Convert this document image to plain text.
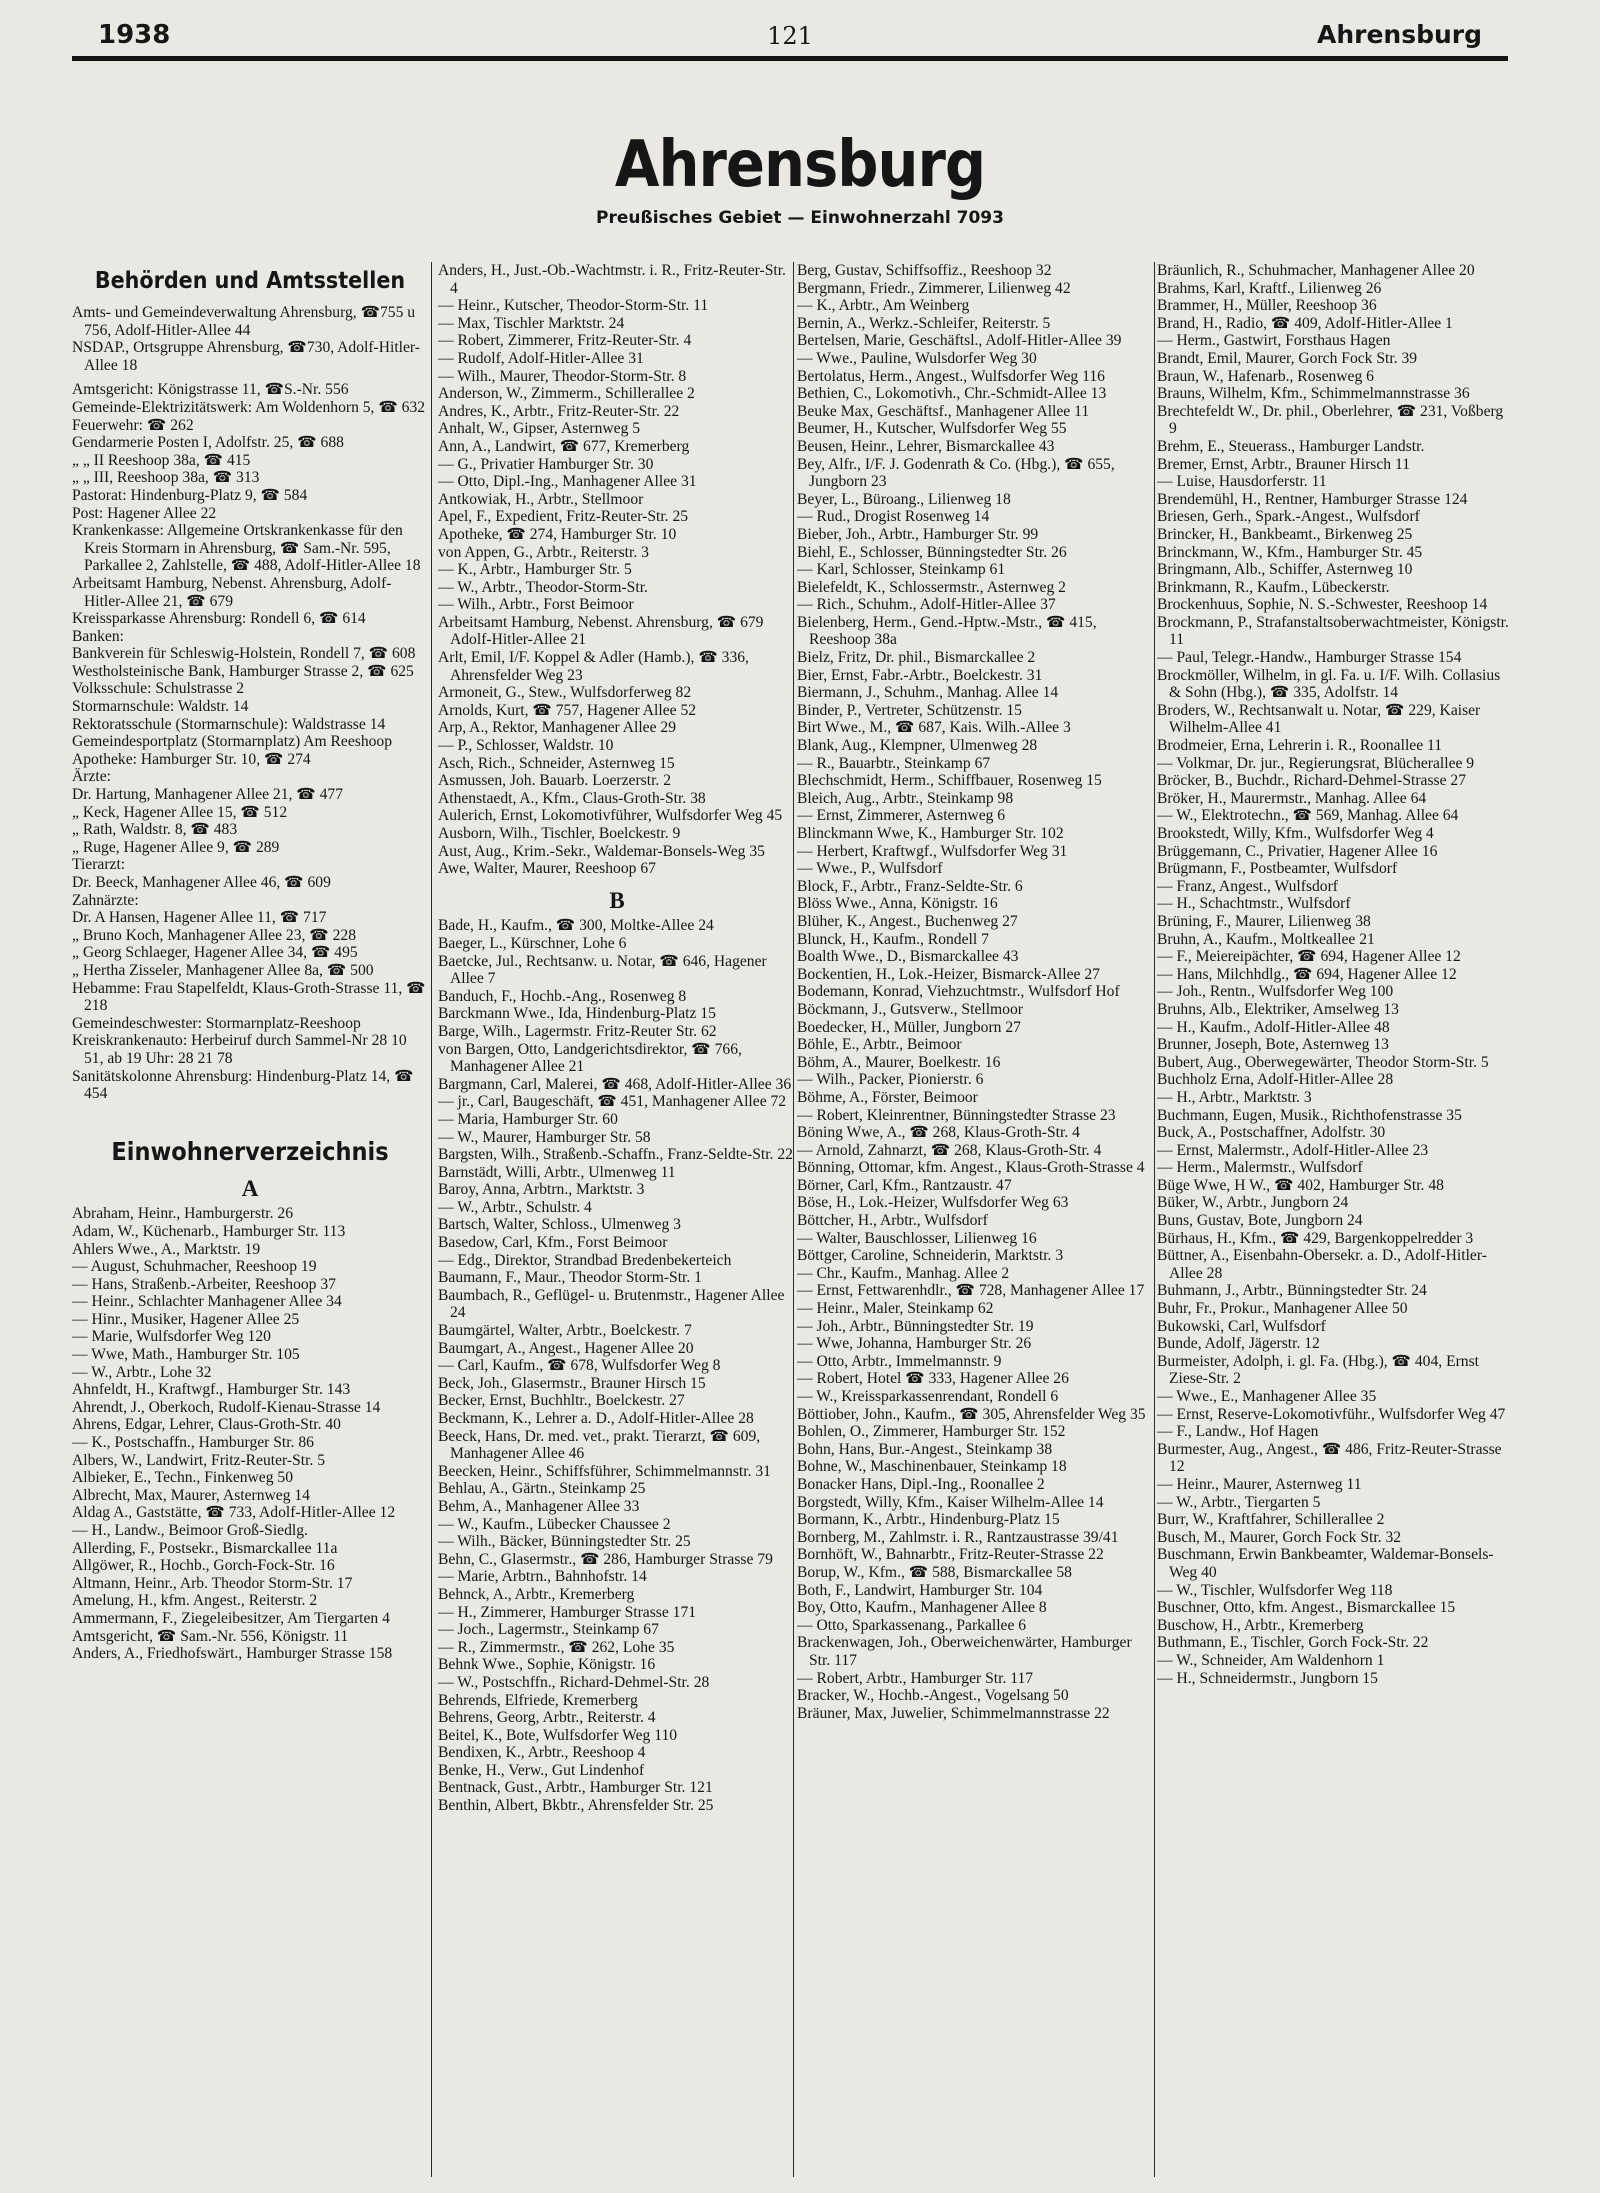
1938	121	Ahrensburg
Ahrensburg
Preußisches Gebiet — Einwohnerzahl 7093
Behörden und Amtsstellen

Amts- und Gemeindeverwaltung Ahrensburg, ☎755 u 756, Adolf-Hitler-Allee 44

NSDAP., Ortsgruppe Ahrensburg, ☎730, Adolf-Hitler-Allee 18

Amtsgericht: Königstrasse 11, ☎S.-Nr. 556

Gemeinde-Elektrizitätswerk: Am Woldenhorn 5, ☎ 632

Feuerwehr: ☎ 262

Gendarmerie Posten I, Adolfstr. 25, ☎ 688

„ „ II Reeshoop 38a, ☎ 415

„ „ III, Reeshoop 38a, ☎ 313

Pastorat: Hindenburg-Platz 9, ☎ 584

Post: Hagener Allee 22

Krankenkasse: Allgemeine Ortskrankenkasse für den Kreis Stormarn in Ahrensburg, ☎ Sam.-Nr. 595, Parkallee 2, Zahlstelle, ☎ 488, Adolf-Hitler-Allee 18

Arbeitsamt Hamburg, Nebenst. Ahrensburg, Adolf-Hitler-Allee 21, ☎ 679

Kreissparkasse Ahrensburg: Rondell 6, ☎ 614

Banken:

Bankverein für Schleswig-Holstein, Rondell 7, ☎ 608

Westholsteinische Bank, Hamburger Strasse 2, ☎ 625

Volksschule: Schulstrasse 2

Stormarnschule: Waldstr. 14

Rektoratsschule (Stormarnschule): Waldstrasse 14

Gemeindesportplatz (Stormarnplatz) Am Reeshoop

Apotheke: Hamburger Str. 10, ☎ 274

Ärzte:

Dr. Hartung, Manhagener Allee 21, ☎ 477

„ Keck, Hagener Allee 15, ☎ 512

„ Rath, Waldstr. 8, ☎ 483

„ Ruge, Hagener Allee 9, ☎ 289

Tierarzt:

Dr. Beeck, Manhagener Allee 46, ☎ 609

Zahnärzte:

Dr. A Hansen, Hagener Allee 11, ☎ 717

„ Bruno Koch, Manhagener Allee 23, ☎ 228

„ Georg Schlaeger, Hagener Allee 34, ☎ 495

„ Hertha Zisseler, Manhagener Allee 8a, ☎ 500

Hebamme: Frau Stapelfeldt, Klaus-Groth-Strasse 11, ☎ 218

Gemeindeschwester: Stormarnplatz-Reeshoop

Kreiskrankenauto: Herbeiruf durch Sammel-Nr 28 10 51, ab 19 Uhr: 28 21 78

Sanitätskolonne Ahrensburg: Hindenburg-Platz 14, ☎ 454

Einwohnerverzeichnis

A

Abraham, Heinr., Hamburgerstr. 26

Adam, W., Küchenarb., Hamburger Str. 113

Ahlers Wwe., A., Marktstr. 19

— August, Schuhmacher, Reeshoop 19

— Hans, Straßenb.-Arbeiter, Reeshoop 37

— Heinr., Schlachter Manhagener Allee 34

— Hinr., Musiker, Hagener Allee 25

— Marie, Wulfsdorfer Weg 120

— Wwe, Math., Hamburger Str. 105

— W., Arbtr., Lohe 32

Ahnfeldt, H., Kraftwgf., Hamburger Str. 143

Ahrendt, J., Oberkoch, Rudolf-Kienau-Strasse 14

Ahrens, Edgar, Lehrer, Claus-Groth-Str. 40

— K., Postschaffn., Hamburger Str. 86

Albers, W., Landwirt, Fritz-Reuter-Str. 5

Albieker, E., Techn., Finkenweg 50

Albrecht, Max, Maurer, Asternweg 14

Aldag A., Gaststätte, ☎ 733, Adolf-Hitler-Allee 12

— H., Landw., Beimoor Groß-Siedlg.

Allerding, F., Postsekr., Bismarckallee 11a

Allgöwer, R., Hochb., Gorch-Fock-Str. 16

Altmann, Heinr., Arb. Theodor Storm-Str. 17

Amelung, H., kfm. Angest., Reiterstr. 2

Ammermann, F., Ziegeleibesitzer, Am Tiergarten 4

Amtsgericht, ☎ Sam.-Nr. 556, Königstr. 11

Anders, A., Friedhofswärt., Hamburger Strasse 158

Anders, H., Just.-Ob.-Wachtmstr. i. R., Fritz-Reuter-Str. 4

— Heinr., Kutscher, Theodor-Storm-Str. 11

— Max, Tischler Marktstr. 24

— Robert, Zimmerer, Fritz-Reuter-Str. 4

— Rudolf, Adolf-Hitler-Allee 31

— Wilh., Maurer, Theodor-Storm-Str. 8

Anderson, W., Zimmerm., Schillerallee 2

Andres, K., Arbtr., Fritz-Reuter-Str. 22

Anhalt, W., Gipser, Asternweg 5

Ann, A., Landwirt, ☎ 677, Kremerberg

— G., Privatier Hamburger Str. 30

— Otto, Dipl.-Ing., Manhagener Allee 31

Antkowiak, H., Arbtr., Stellmoor

Apel, F., Expedient, Fritz-Reuter-Str. 25

Apotheke, ☎ 274, Hamburger Str. 10

von Appen, G., Arbtr., Reiterstr. 3

— K., Arbtr., Hamburger Str. 5

— W., Arbtr., Theodor-Storm-Str.

— Wilh., Arbtr., Forst Beimoor

Arbeitsamt Hamburg, Nebenst. Ahrensburg, ☎ 679 Adolf-Hitler-Allee 21

Arlt, Emil, I/F. Koppel & Adler (Hamb.), ☎ 336, Ahrensfelder Weg 23

Armoneit, G., Stew., Wulfsdorferweg 82

Arnolds, Kurt, ☎ 757, Hagener Allee 52

Arp, A., Rektor, Manhagener Allee 29

— P., Schlosser, Waldstr. 10

Asch, Rich., Schneider, Asternweg 15

Asmussen, Joh. Bauarb. Loerzerstr. 2

Athenstaedt, A., Kfm., Claus-Groth-Str. 38

Aulerich, Ernst, Lokomotivführer, Wulfsdorfer Weg 45

Ausborn, Wilh., Tischler, Boelckestr. 9

Aust, Aug., Krim.-Sekr., Waldemar-Bonsels-Weg 35

Awe, Walter, Maurer, Reeshoop 67

B

Bade, H., Kaufm., ☎ 300, Moltke-Allee 24

Baeger, L., Kürschner, Lohe 6

Baetcke, Jul., Rechtsanw. u. Notar, ☎ 646, Hagener Allee 7

Banduch, F., Hochb.-Ang., Rosenweg 8

Barckmann Wwe., Ida, Hindenburg-Platz 15

Barge, Wilh., Lagermstr. Fritz-Reuter Str. 62

von Bargen, Otto, Landgerichtsdirektor, ☎ 766, Manhagener Allee 21

Bargmann, Carl, Malerei, ☎ 468, Adolf-Hitler-Allee 36

— jr., Carl, Baugeschäft, ☎ 451, Manhagener Allee 72

— Maria, Hamburger Str. 60

— W., Maurer, Hamburger Str. 58

Bargsten, Wilh., Straßenb.-Schaffn., Franz-Seldte-Str. 22

Barnstädt, Willi, Arbtr., Ulmenweg 11

Baroy, Anna, Arbtrn., Marktstr. 3

— W., Arbtr., Schulstr. 4

Bartsch, Walter, Schloss., Ulmenweg 3

Basedow, Carl, Kfm., Forst Beimoor

— Edg., Direktor, Strandbad Bredenbekerteich

Baumann, F., Maur., Theodor Storm-Str. 1

Baumbach, R., Geflügel- u. Brutenmstr., Hagener Allee 24

Baumgärtel, Walter, Arbtr., Boelckestr. 7

Baumgart, A., Angest., Hagener Allee 20

— Carl, Kaufm., ☎ 678, Wulfsdorfer Weg 8

Beck, Joh., Glasermstr., Brauner Hirsch 15

Becker, Ernst, Buchhltr., Boelckestr. 27

Beckmann, K., Lehrer a. D., Adolf-Hitler-Allee 28

Beeck, Hans, Dr. med. vet., prakt. Tierarzt, ☎ 609, Manhagener Allee 46

Beecken, Heinr., Schiffsführer, Schimmelmannstr. 31

Behlau, A., Gärtn., Steinkamp 25

Behm, A., Manhagener Allee 33

— W., Kaufm., Lübecker Chaussee 2

— Wilh., Bäcker, Bünningstedter Str. 25

Behn, C., Glasermstr., ☎ 286, Hamburger Strasse 79

— Marie, Arbtrn., Bahnhofstr. 14

Behnck, A., Arbtr., Kremerberg

— H., Zimmerer, Hamburger Strasse 171

— Joch., Lagermstr., Steinkamp 67

— R., Zimmermstr., ☎ 262, Lohe 35

Behnk Wwe., Sophie, Königstr. 16

— W., Postschffn., Richard-Dehmel-Str. 28

Behrends, Elfriede, Kremerberg

Behrens, Georg, Arbtr., Reiterstr. 4

Beitel, K., Bote, Wulfsdorfer Weg 110

Bendixen, K., Arbtr., Reeshoop 4

Benke, H., Verw., Gut Lindenhof

Bentnack, Gust., Arbtr., Hamburger Str. 121

Benthin, Albert, Bkbtr., Ahrensfelder Str. 25

Berg, Gustav, Schiffsoffiz., Reeshoop 32

Bergmann, Friedr., Zimmerer, Lilienweg 42

— K., Arbtr., Am Weinberg

Bernin, A., Werkz.-Schleifer, Reiterstr. 5

Bertelsen, Marie, Geschäftsl., Adolf-Hitler-Allee 39

— Wwe., Pauline, Wulsdorfer Weg 30

Bertolatus, Herm., Angest., Wulfsdorfer Weg 116

Bethien, C., Lokomotivh., Chr.-Schmidt-Allee 13

Beuke Max, Geschäftsf., Manhagener Allee 11

Beumer, H., Kutscher, Wulfsdorfer Weg 55

Beusen, Heinr., Lehrer, Bismarckallee 43

Bey, Alfr., I/F. J. Godenrath & Co. (Hbg.), ☎ 655, Jungborn 23

Beyer, L., Büroang., Lilienweg 18

— Rud., Drogist Rosenweg 14

Bieber, Joh., Arbtr., Hamburger Str. 99

Biehl, E., Schlosser, Bünningstedter Str. 26

— Karl, Schlosser, Steinkamp 61

Bielefeldt, K., Schlossermstr., Asternweg 2

— Rich., Schuhm., Adolf-Hitler-Allee 37

Bielenberg, Herm., Gend.-Hptw.-Mstr., ☎ 415, Reeshoop 38a

Bielz, Fritz, Dr. phil., Bismarckallee 2

Bier, Ernst, Fabr.-Arbtr., Boelckestr. 31

Biermann, J., Schuhm., Manhag. Allee 14

Binder, P., Vertreter, Schützenstr. 15

Birt Wwe., M., ☎ 687, Kais. Wilh.-Allee 3

Blank, Aug., Klempner, Ulmenweg 28

— R., Bauarbtr., Steinkamp 67

Blechschmidt, Herm., Schiffbauer, Rosenweg 15

Bleich, Aug., Arbtr., Steinkamp 98

— Ernst, Zimmerer, Asternweg 6

Blinckmann Wwe, K., Hamburger Str. 102

— Herbert, Kraftwgf., Wulfsdorfer Weg 31

— Wwe., P., Wulfsdorf

Block, F., Arbtr., Franz-Seldte-Str. 6

Blöss Wwe., Anna, Königstr. 16

Blüher, K., Angest., Buchenweg 27

Blunck, H., Kaufm., Rondell 7

Boalth Wwe., D., Bismarckallee 43

Bockentien, H., Lok.-Heizer, Bismarck-Allee 27

Bodemann, Konrad, Viehzuchtmstr., Wulfsdorf Hof

Böckmann, J., Gutsverw., Stellmoor

Boedecker, H., Müller, Jungborn 27

Böhle, E., Arbtr., Beimoor

Böhm, A., Maurer, Boelkestr. 16

— Wilh., Packer, Pionierstr. 6

Böhme, A., Förster, Beimoor

— Robert, Kleinrentner, Bünningstedter Strasse 23

Böning Wwe, A., ☎ 268, Klaus-Groth-Str. 4

— Arnold, Zahnarzt, ☎ 268, Klaus-Groth-Str. 4

Bönning, Ottomar, kfm. Angest., Klaus-Groth-Strasse 4

Börner, Carl, Kfm., Rantzaustr. 47

Böse, H., Lok.-Heizer, Wulfsdorfer Weg 63

Böttcher, H., Arbtr., Wulfsdorf

— Walter, Bauschlosser, Lilienweg 16

Böttger, Caroline, Schneiderin, Marktstr. 3

— Chr., Kaufm., Manhag. Allee 2

— Ernst, Fettwarenhdlr., ☎ 728, Manhagener Allee 17

— Heinr., Maler, Steinkamp 62

— Joh., Arbtr., Bünningstedter Str. 19

— Wwe, Johanna, Hamburger Str. 26

— Otto, Arbtr., Immelmannstr. 9

— Robert, Hotel ☎ 333, Hagener Allee 26

— W., Kreissparkassenrendant, Rondell 6

Böttiober, John., Kaufm., ☎ 305, Ahrensfelder Weg 35

Bohlen, O., Zimmerer, Hamburger Str. 152

Bohn, Hans, Bur.-Angest., Steinkamp 38

Bohne, W., Maschinenbauer, Steinkamp 18

Bonacker Hans, Dipl.-Ing., Roonallee 2

Borgstedt, Willy, Kfm., Kaiser Wilhelm-Allee 14

Bormann, K., Arbtr., Hindenburg-Platz 15

Bornberg, M., Zahlmstr. i. R., Rantzaustrasse 39/41

Bornhöft, W., Bahnarbtr., Fritz-Reuter-Strasse 22

Borup, W., Kfm., ☎ 588, Bismarckallee 58

Both, F., Landwirt, Hamburger Str. 104

Boy, Otto, Kaufm., Manhagener Allee 8

— Otto, Sparkassenang., Parkallee 6

Brackenwagen, Joh., Oberweichenwärter, Hamburger Str. 117

— Robert, Arbtr., Hamburger Str. 117

Bracker, W., Hochb.-Angest., Vogelsang 50

Bräuner, Max, Juwelier, Schimmelmannstrasse 22

Bräunlich, R., Schuhmacher, Manhagener Allee 20

Brahms, Karl, Kraftf., Lilienweg 26

Brammer, H., Müller, Reeshoop 36

Brand, H., Radio, ☎ 409, Adolf-Hitler-Allee 1

— Herm., Gastwirt, Forsthaus Hagen

Brandt, Emil, Maurer, Gorch Fock Str. 39

Braun, W., Hafenarb., Rosenweg 6

Brauns, Wilhelm, Kfm., Schimmelmannstrasse 36

Brechtefeldt W., Dr. phil., Oberlehrer, ☎ 231, Voßberg 9

Brehm, E., Steuerass., Hamburger Landstr.

Bremer, Ernst, Arbtr., Brauner Hirsch 11

— Luise, Hausdorferstr. 11

Brendemühl, H., Rentner, Hamburger Strasse 124

Briesen, Gerh., Spark.-Angest., Wulfsdorf

Brincker, H., Bankbeamt., Birkenweg 25

Brinckmann, W., Kfm., Hamburger Str. 45

Bringmann, Alb., Schiffer, Asternweg 10

Brinkmann, R., Kaufm., Lübeckerstr.

Brockenhuus, Sophie, N. S.-Schwester, Reeshoop 14

Brockmann, P., Strafanstaltsoberwachtmeister, Königstr. 11

— Paul, Telegr.-Handw., Hamburger Strasse 154

Brockmöller, Wilhelm, in gl. Fa. u. I/F. Wilh. Collasius & Sohn (Hbg.), ☎ 335, Adolfstr. 14

Broders, W., Rechtsanwalt u. Notar, ☎ 229, Kaiser Wilhelm-Allee 41

Brodmeier, Erna, Lehrerin i. R., Roonallee 11

— Volkmar, Dr. jur., Regierungsrat, Blücherallee 9

Bröcker, B., Buchdr., Richard-Dehmel-Strasse 27

Bröker, H., Maurermstr., Manhag. Allee 64

— W., Elektrotechn., ☎ 569, Manhag. Allee 64

Brookstedt, Willy, Kfm., Wulfsdorfer Weg 4

Brüggemann, C., Privatier, Hagener Allee 16

Brügmann, F., Postbeamter, Wulfsdorf

— Franz, Angest., Wulfsdorf

— H., Schachtmstr., Wulfsdorf

Brüning, F., Maurer, Lilienweg 38

Bruhn, A., Kaufm., Moltkeallee 21

— F., Meiereipächter, ☎ 694, Hagener Allee 12

— Hans, Milchhdlg., ☎ 694, Hagener Allee 12

— Joh., Rentn., Wulfsdorfer Weg 100

Bruhns, Alb., Elektriker, Amselweg 13

— H., Kaufm., Adolf-Hitler-Allee 48

Brunner, Joseph, Bote, Asternweg 13

Bubert, Aug., Oberwegewärter, Theodor Storm-Str. 5

Buchholz Erna, Adolf-Hitler-Allee 28

— H., Arbtr., Marktstr. 3

Buchmann, Eugen, Musik., Richthofenstrasse 35

Buck, A., Postschaffner, Adolfstr. 30

— Ernst, Malermstr., Adolf-Hitler-Allee 23

— Herm., Malermstr., Wulfsdorf

Büge Wwe, H W., ☎ 402, Hamburger Str. 48

Büker, W., Arbtr., Jungborn 24

Buns, Gustav, Bote, Jungborn 24

Bürhaus, H., Kfm., ☎ 429, Bargenkoppelredder 3

Büttner, A., Eisenbahn-Obersekr. a. D., Adolf-Hitler-Allee 28

Buhmann, J., Arbtr., Bünningstedter Str. 24

Buhr, Fr., Prokur., Manhagener Allee 50

Bukowski, Carl, Wulfsdorf

Bunde, Adolf, Jägerstr. 12

Burmeister, Adolph, i. gl. Fa. (Hbg.), ☎ 404, Ernst Ziese-Str. 2

— Wwe., E., Manhagener Allee 35

— Ernst, Reserve-Lokomotivführ., Wulfsdorfer Weg 47

— F., Landw., Hof Hagen

Burmester, Aug., Angest., ☎ 486, Fritz-Reuter-Strasse 12

— Heinr., Maurer, Asternweg 11

— W., Arbtr., Tiergarten 5

Burr, W., Kraftfahrer, Schillerallee 2

Busch, M., Maurer, Gorch Fock Str. 32

Buschmann, Erwin Bankbeamter, Waldemar-Bonsels-Weg 40

— W., Tischler, Wulfsdorfer Weg 118

Buschner, Otto, kfm. Angest., Bismarckallee 15

Buschow, H., Arbtr., Kremerberg

Buthmann, E., Tischler, Gorch Fock-Str. 22

— W., Schneider, Am Waldenhorn 1

— H., Schneidermstr., Jungborn 15
